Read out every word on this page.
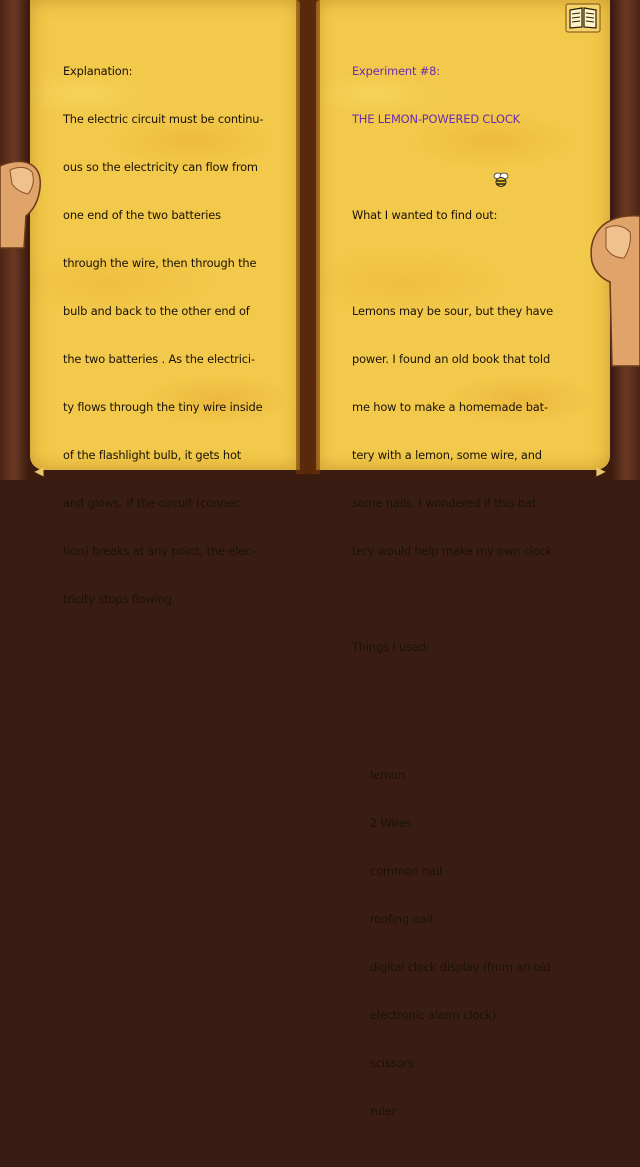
Explanation:

The electric circuit must be continu-

ous so the electricity can flow from

one end of the two batteries

through the wire, then through the

bulb and back to the other end of

the two batteries . As the electrici-

ty flows through the tiny wire inside

of the flashlight bulb, it gets hot

and glows. If the circuit (connec-

tion) breaks at any point, the elec-

tricity stops flowing.

Experiment #8:

THE LEMON-POWERED CLOCK

What I wanted to find out:

Lemons may be sour, but they have

power. I found an old book that told

me how to make a homemade bat-

tery with a lemon, some wire, and

some nails. I wondered if this bat-

tery would help make my own clock.

Things I used:

lemon

2 Wires

common nail

roofing nail

digital clock display (from an old

electronic alarm clock)

scissors

ruler

◀	▶
